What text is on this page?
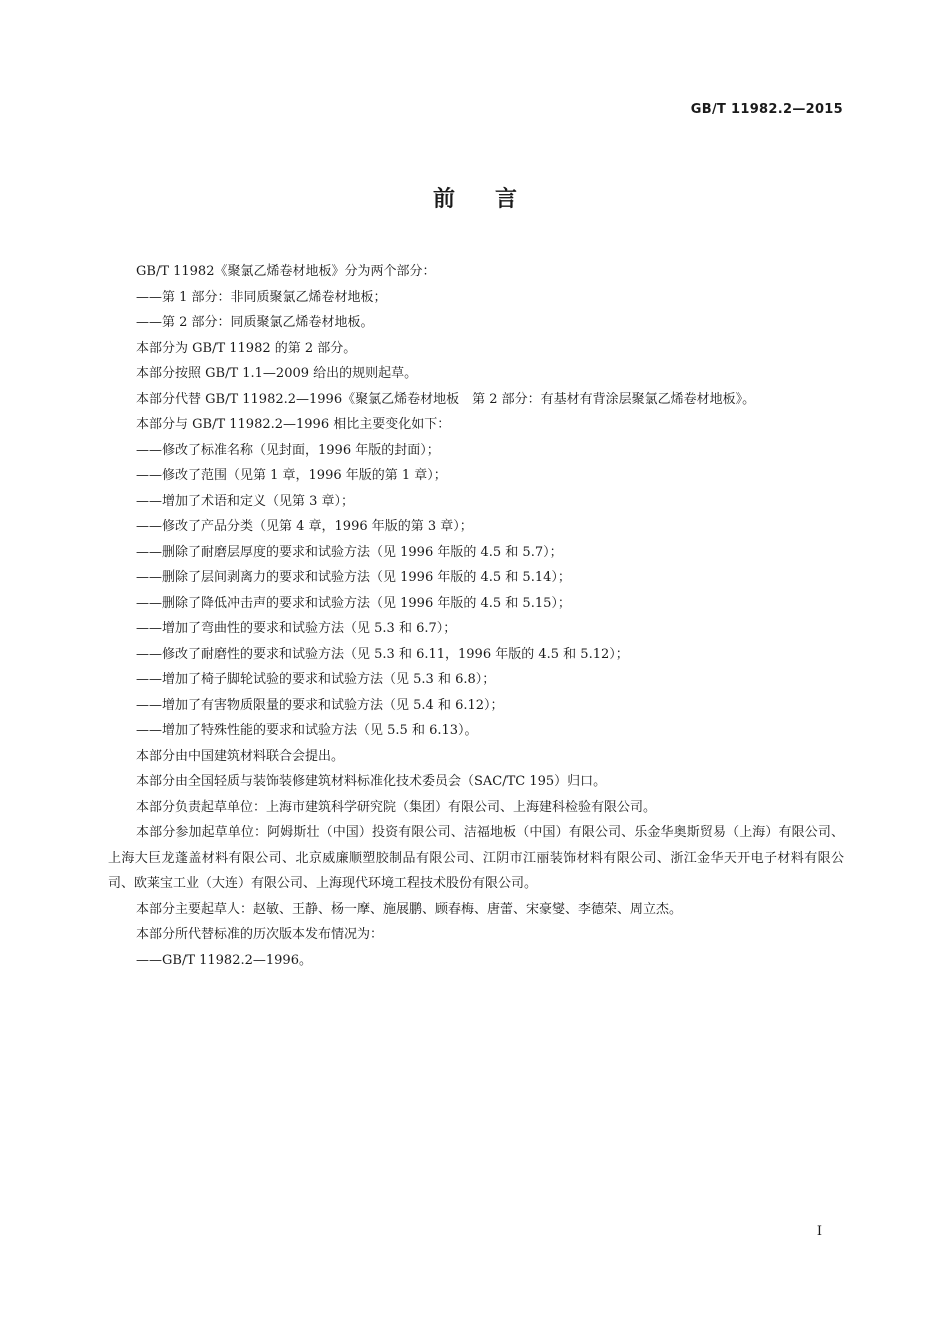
GB/T 11982.2—2015
前言

GB/T 11982《聚氯乙烯卷材地板》分为两个部分：

——第 1 部分：非同质聚氯乙烯卷材地板；

——第 2 部分：同质聚氯乙烯卷材地板。

本部分为 GB/T 11982 的第 2 部分。

本部分按照 GB/T 1.1—2009 给出的规则起草。

本部分代替 GB/T 11982.2—1996《聚氯乙烯卷材地板　第 2 部分：有基材有背涂层聚氯乙烯卷材地板》。

本部分与 GB/T 11982.2—1996 相比主要变化如下：

——修改了标准名称（见封面，1996 年版的封面）；

——修改了范围（见第 1 章，1996 年版的第 1 章）；

——增加了术语和定义（见第 3 章）；

——修改了产品分类（见第 4 章，1996 年版的第 3 章）；

——删除了耐磨层厚度的要求和试验方法（见 1996 年版的 4.5 和 5.7）；

——删除了层间剥离力的要求和试验方法（见 1996 年版的 4.5 和 5.14）；

——删除了降低冲击声的要求和试验方法（见 1996 年版的 4.5 和 5.15）；

——增加了弯曲性的要求和试验方法（见 5.3 和 6.7）；

——修改了耐磨性的要求和试验方法（见 5.3 和 6.11，1996 年版的 4.5 和 5.12）；

——增加了椅子脚轮试验的要求和试验方法（见 5.3 和 6.8）；

——增加了有害物质限量的要求和试验方法（见 5.4 和 6.12）；

——增加了特殊性能的要求和试验方法（见 5.5 和 6.13）。

本部分由中国建筑材料联合会提出。

本部分由全国轻质与装饰装修建筑材料标准化技术委员会（SAC/TC 195）归口。

本部分负责起草单位：上海市建筑科学研究院（集团）有限公司、上海建科检验有限公司。

本部分参加起草单位：阿姆斯壮（中国）投资有限公司、洁福地板（中国）有限公司、乐金华奥斯贸易（上海）有限公司、上海大巨龙蓬盖材料有限公司、北京威廉顺塑胶制品有限公司、江阴市江丽装饰材料有限公司、浙江金华天开电子材料有限公司、欧莱宝工业（大连）有限公司、上海现代环境工程技术股份有限公司。

本部分主要起草人：赵敏、王静、杨一摩、施展鹏、顾春梅、唐蕾、宋豪燮、李德荣、周立杰。

本部分所代替标准的历次版本发布情况为：

——GB/T 11982.2—1996。

I
